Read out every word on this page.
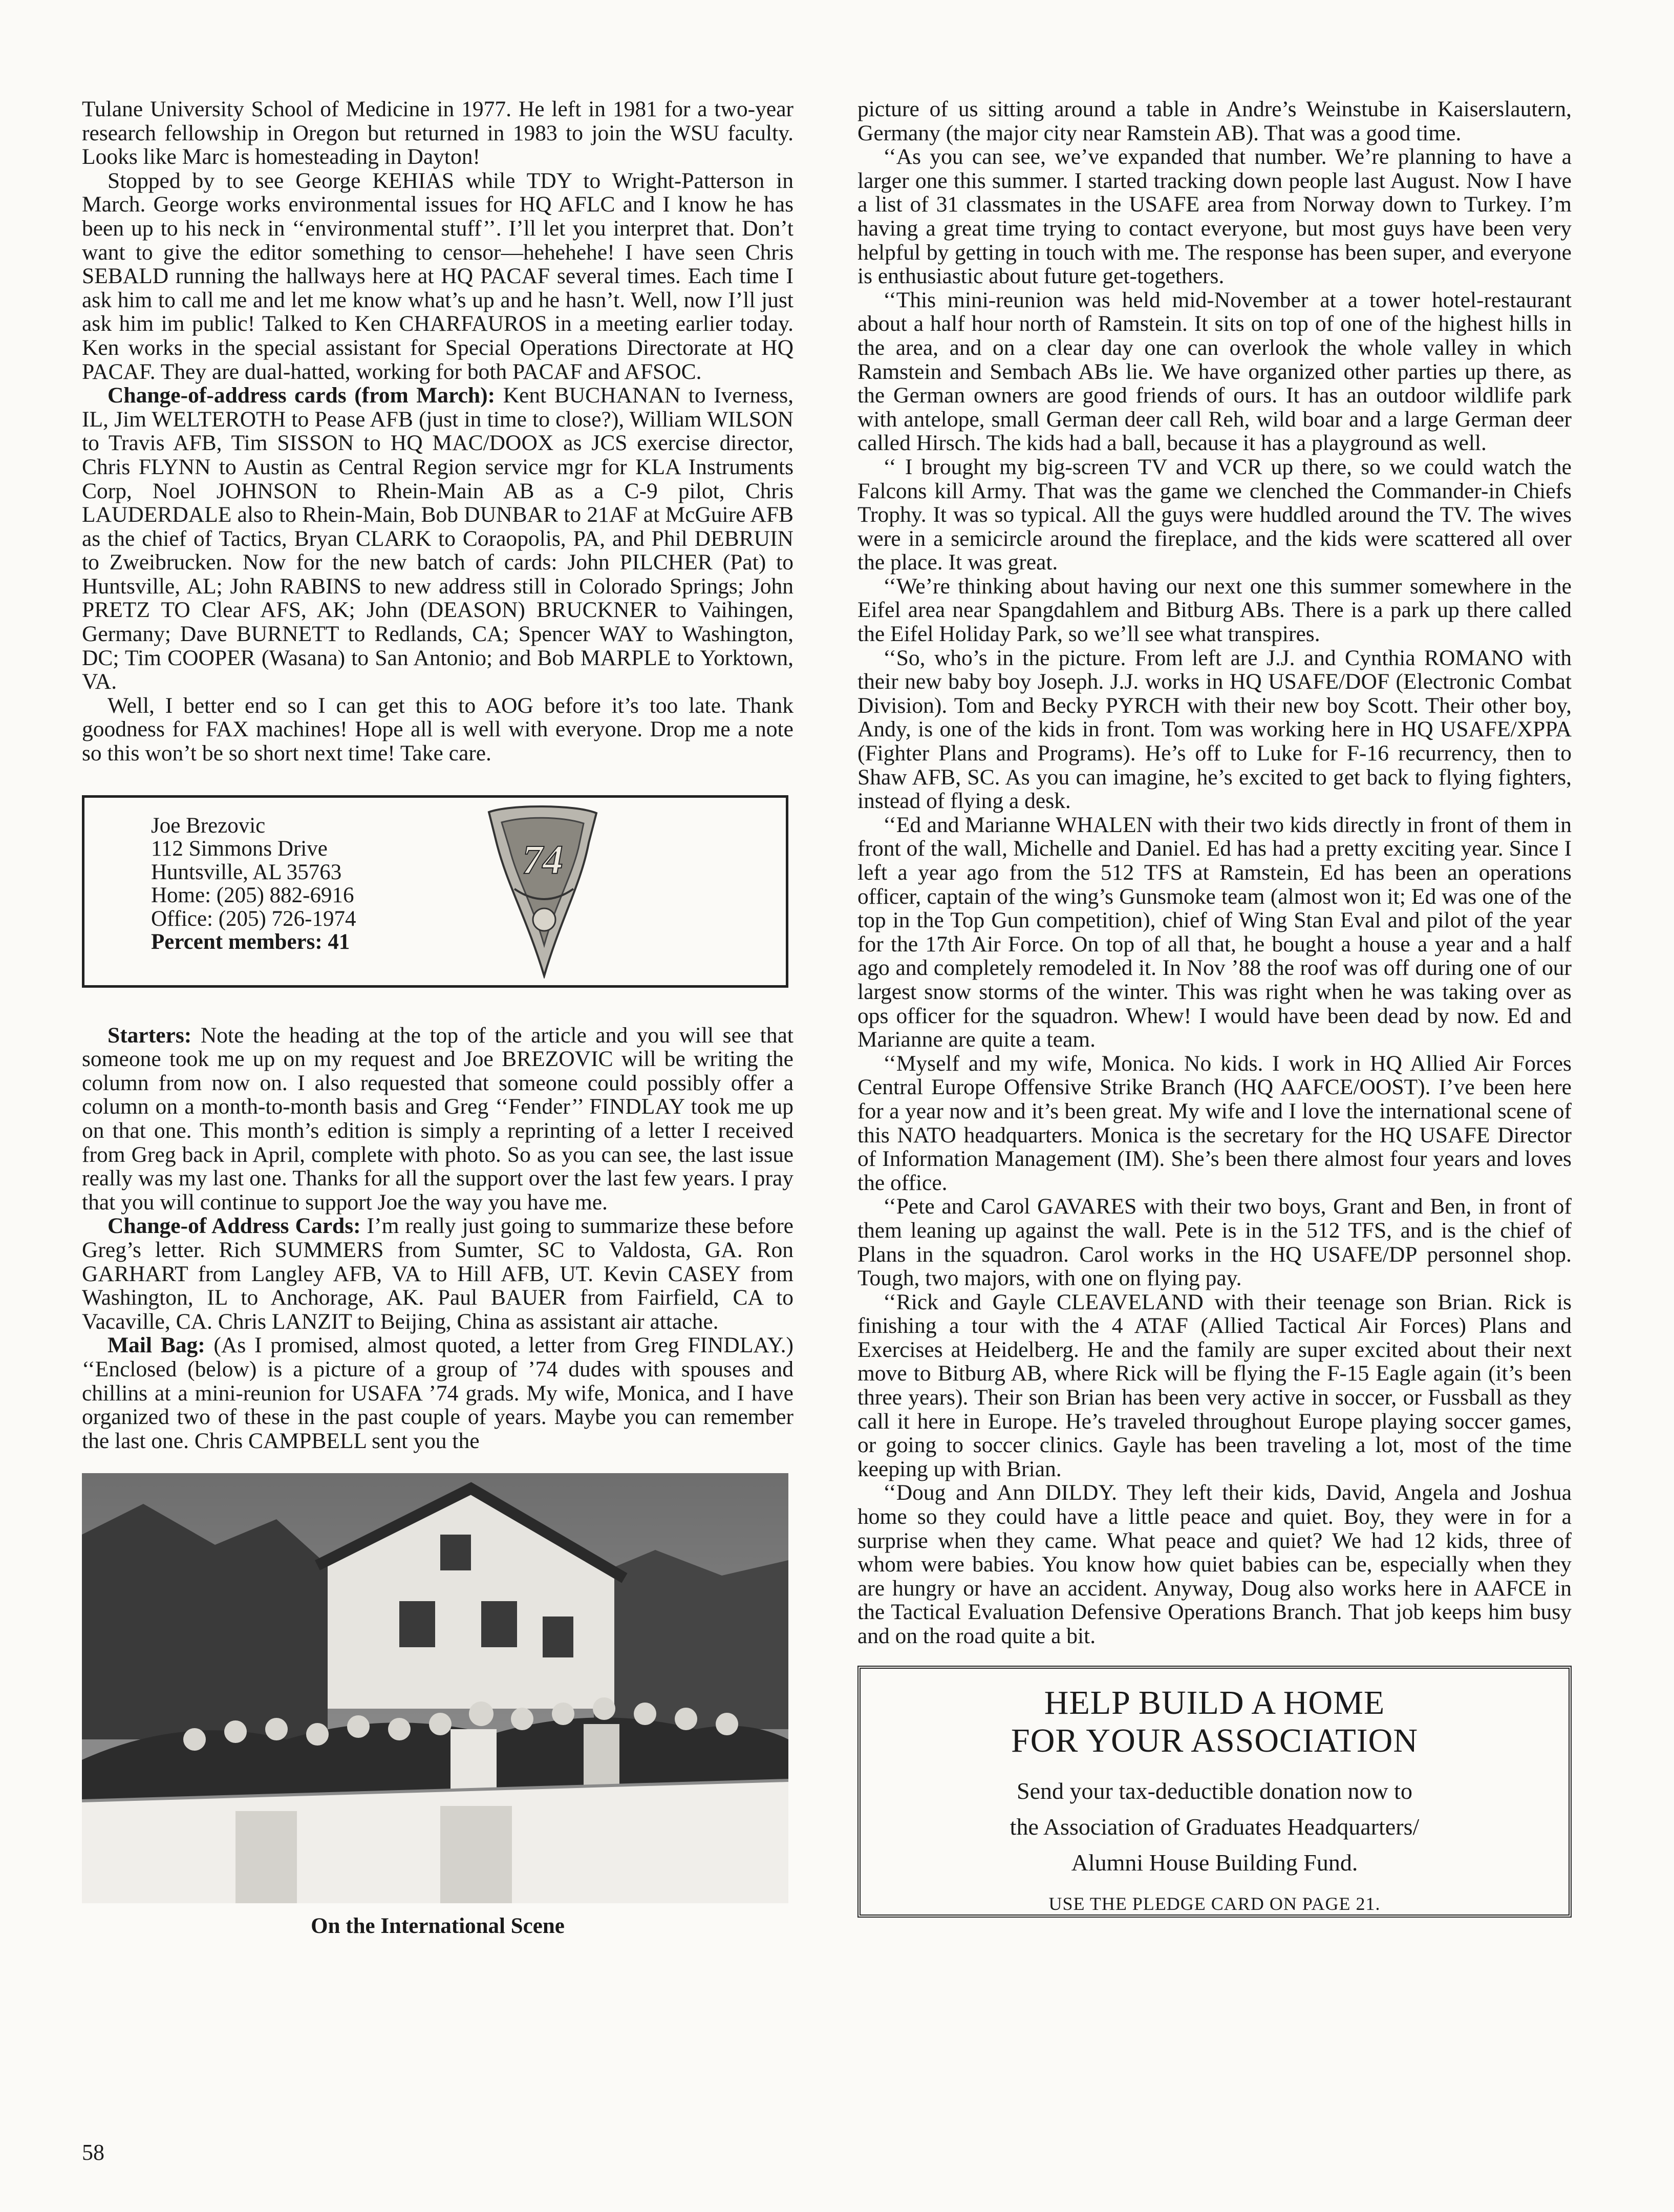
Tulane University School of Medicine in 1977. He left in 1981 for a two-year research fellowship in Oregon but returned in 1983 to join the WSU faculty. Looks like Marc is homesteading in Dayton!

Stopped by to see George KEHIAS while TDY to Wright-Patterson in March. George works environmental issues for HQ AFLC and I know he has been up to his neck in ‘‘environmental stuff’’. I’ll let you interpret that. Don’t want to give the editor something to censor—hehehehe! I have seen Chris SEBALD running the hallways here at HQ PACAF several times. Each time I ask him to call me and let me know what’s up and he hasn’t. Well, now I’ll just ask him im public! Talked to Ken CHARFAUROS in a meeting earlier today. Ken works in the special assistant for Special Operations Directorate at HQ PACAF. They are dual-hatted, working for both PACAF and AFSOC.

Change-of-address cards (from March): Kent BUCHANAN to Iverness, IL, Jim WELTEROTH to Pease AFB (just in time to close?), William WILSON to Travis AFB, Tim SISSON to HQ MAC/DOOX as JCS exercise director, Chris FLYNN to Austin as Central Region service mgr for KLA Instruments Corp, Noel JOHNSON to Rhein-Main AB as a C-9 pilot, Chris LAUDERDALE also to Rhein-Main, Bob DUNBAR to 21AF at McGuire AFB as the chief of Tactics, Bryan CLARK to Coraopolis, PA, and Phil DEBRUIN to Zweibrucken. Now for the new batch of cards: John PILCHER (Pat) to Huntsville, AL; John RABINS to new address still in Colorado Springs; John PRETZ TO Clear AFS, AK; John (DEASON) BRUCKNER to Vaihingen, Germany; Dave BURNETT to Redlands, CA; Spencer WAY to Washington, DC; Tim COOPER (Wasana) to San Antonio; and Bob MARPLE to Yorktown, VA.

Well, I better end so I can get this to AOG before it’s too late. Thank goodness for FAX machines! Hope all is well with everyone. Drop me a note so this won’t be so short next time! Take care.

Joe Brezovic
112 Simmons Drive
Huntsville, AL 35763
Home: (205) 882-6916
Office: (205) 726-1974
Percent members: 41
74

Starters: Note the heading at the top of the article and you will see that someone took me up on my request and Joe BREZOVIC will be writing the column from now on. I also requested that someone could possibly offer a column on a month-to-month basis and Greg ‘‘Fender’’ FINDLAY took me up on that one. This month’s edition is simply a reprinting of a letter I received from Greg back in April, complete with photo. So as you can see, the last issue really was my last one. Thanks for all the support over the last few years. I pray that you will continue to support Joe the way you have me.

Change-of Address Cards: I’m really just going to summarize these before Greg’s letter. Rich SUMMERS from Sumter, SC to Valdosta, GA. Ron GARHART from Langley AFB, VA to Hill AFB, UT. Kevin CASEY from Washington, IL to Anchorage, AK. Paul BAUER from Fairfield, CA to Vacaville, CA. Chris LANZIT to Beijing, China as assistant air attache.

Mail Bag: (As I promised, almost quoted, a letter from Greg FINDLAY.) ‘‘Enclosed (below) is a picture of a group of ’74 dudes with spouses and chillins at a mini-reunion for USAFA ’74 grads. My wife, Monica, and I have organized two of these in the past couple of years. Maybe you can remember the last one. Chris CAMPBELL sent you the

On the International Scene

picture of us sitting around a table in Andre’s Weinstube in Kaiserslautern, Germany (the major city near Ramstein AB). That was a good time.

‘‘As you can see, we’ve expanded that number. We’re planning to have a larger one this summer. I started tracking down people last August. Now I have a list of 31 classmates in the USAFE area from Norway down to Turkey. I’m having a great time trying to contact everyone, but most guys have been very helpful by getting in touch with me. The response has been super, and everyone is enthusiastic about future get-togethers.

‘‘This mini-reunion was held mid-November at a tower hotel-restaurant about a half hour north of Ramstein. It sits on top of one of the highest hills in the area, and on a clear day one can overlook the whole valley in which Ramstein and Sembach ABs lie. We have organized other parties up there, as the German owners are good friends of ours. It has an outdoor wildlife park with antelope, small German deer call Reh, wild boar and a large German deer called Hirsch. The kids had a ball, because it has a playground as well.

‘‘ I brought my big-screen TV and VCR up there, so we could watch the Falcons kill Army. That was the game we clenched the Commander-in Chiefs Trophy. It was so typical. All the guys were huddled around the TV. The wives were in a semicircle around the fireplace, and the kids were scattered all over the place. It was great.

‘‘We’re thinking about having our next one this summer somewhere in the Eifel area near Spangdahlem and Bitburg ABs. There is a park up there called the Eifel Holiday Park, so we’ll see what transpires.

‘‘So, who’s in the picture. From left are J.J. and Cynthia ROMANO with their new baby boy Joseph. J.J. works in HQ USAFE/DOF (Electronic Combat Division). Tom and Becky PYRCH with their new boy Scott. Their other boy, Andy, is one of the kids in front. Tom was working here in HQ USAFE/XPPA (Fighter Plans and Programs). He’s off to Luke for F-16 recurrency, then to Shaw AFB, SC. As you can imagine, he’s excited to get back to flying fighters, instead of flying a desk.

‘‘Ed and Marianne WHALEN with their two kids directly in front of them in front of the wall, Michelle and Daniel. Ed has had a pretty exciting year. Since I left a year ago from the 512 TFS at Ramstein, Ed has been an operations officer, captain of the wing’s Gunsmoke team (almost won it; Ed was one of the top in the Top Gun competition), chief of Wing Stan Eval and pilot of the year for the 17th Air Force. On top of all that, he bought a house a year and a half ago and completely remodeled it. In Nov ’88 the roof was off during one of our largest snow storms of the winter. This was right when he was taking over as ops officer for the squadron. Whew! I would have been dead by now. Ed and Marianne are quite a team.

‘‘Myself and my wife, Monica. No kids. I work in HQ Allied Air Forces Central Europe Offensive Strike Branch (HQ AAFCE/OOST). I’ve been here for a year now and it’s been great. My wife and I love the international scene of this NATO headquarters. Monica is the secretary for the HQ USAFE Director of Information Management (IM). She’s been there almost four years and loves the office.

‘‘Pete and Carol GAVARES with their two boys, Grant and Ben, in front of them leaning up against the wall. Pete is in the 512 TFS, and is the chief of Plans in the squadron. Carol works in the HQ USAFE/DP personnel shop. Tough, two majors, with one on flying pay.

‘‘Rick and Gayle CLEAVELAND with their teenage son Brian. Rick is finishing a tour with the 4 ATAF (Allied Tactical Air Forces) Plans and Exercises at Heidelberg. He and the family are super excited about their next move to Bitburg AB, where Rick will be flying the F-15 Eagle again (it’s been three years). Their son Brian has been very active in soccer, or Fussball as they call it here in Europe. He’s traveled throughout Europe playing soccer games, or going to soccer clinics. Gayle has been traveling a lot, most of the time keeping up with Brian.

‘‘Doug and Ann DILDY. They left their kids, David, Angela and Joshua home so they could have a little peace and quiet. Boy, they were in for a surprise when they came. What peace and quiet? We had 12 kids, three of whom were babies. You know how quiet babies can be, especially when they are hungry or have an accident. Anyway, Doug also works here in AAFCE in the Tactical Evaluation Defensive Operations Branch. That job keeps him busy and on the road quite a bit.

HELP BUILD A HOME
FOR YOUR ASSOCIATION
Send your tax-deductible donation now to
the Association of Graduates Headquarters/
Alumni House Building Fund.
USE THE PLEDGE CARD ON PAGE 21.
58
